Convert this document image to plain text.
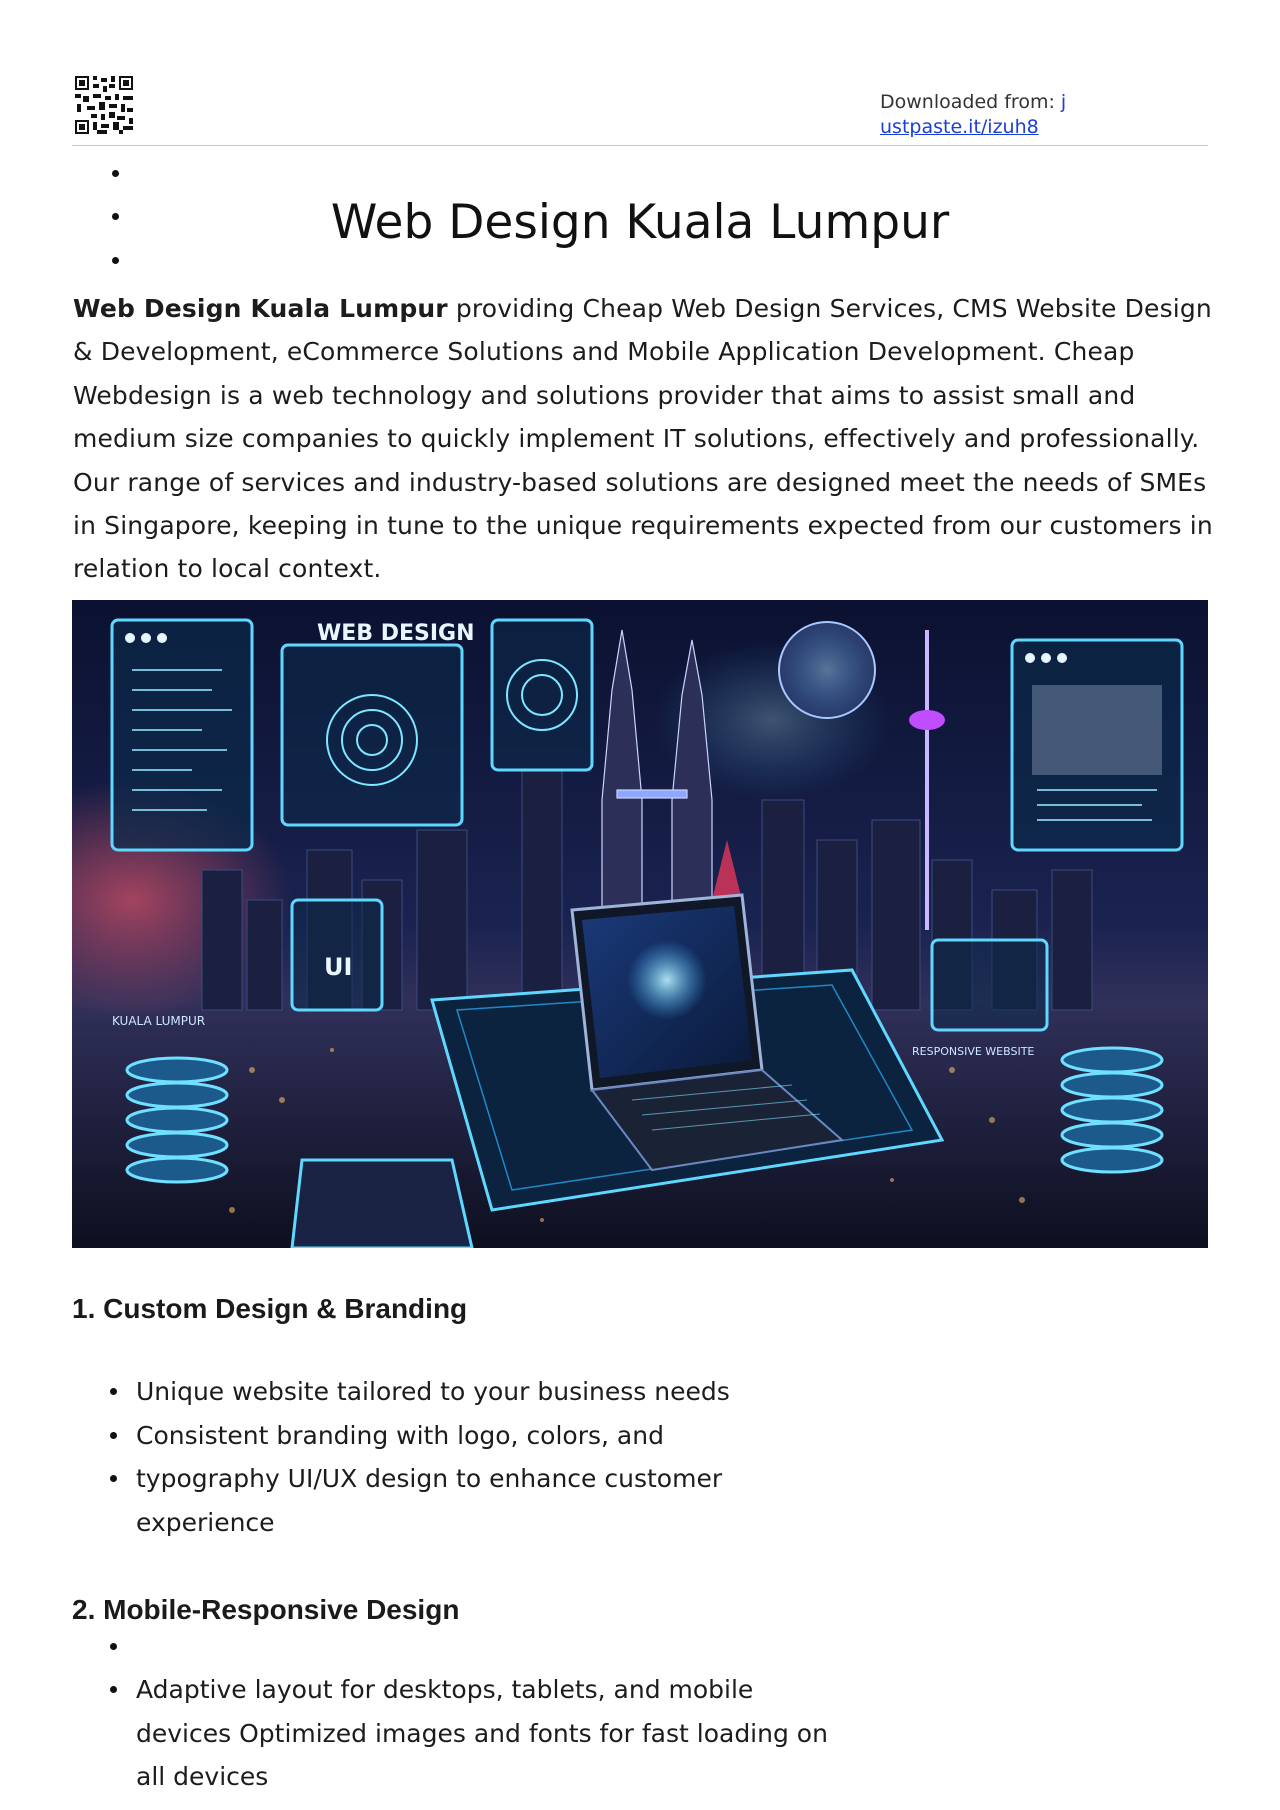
Downloaded from: j
ustpaste.it/izuh8
Web Design Kuala Lumpur
Web Design Kuala Lumpur providing Cheap Web Design Services, CMS Website Design & Development, eCommerce Solutions and Mobile Application Development. Cheap Webdesign is a web technology and solutions provider that aims to assist small and medium size companies to quickly implement IT solutions, effectively and professionally. Our range of services and industry-based solutions are designed meet the needs of SMEs in Singapore, keeping in tune to the unique requirements expected from our customers in relation to local context.
WEB DESIGN
UI
KUALA LUMPUR
RESPONSIVE WEBSITE
1. Custom Design & Branding
Unique website tailored to your business needs
Consistent branding with logo, colors, and
typography UI/UX design to enhance customer experience
2. Mobile-Responsive Design
Adaptive layout for desktops, tablets, and mobile devices Optimized images and fonts for fast loading on all devices
